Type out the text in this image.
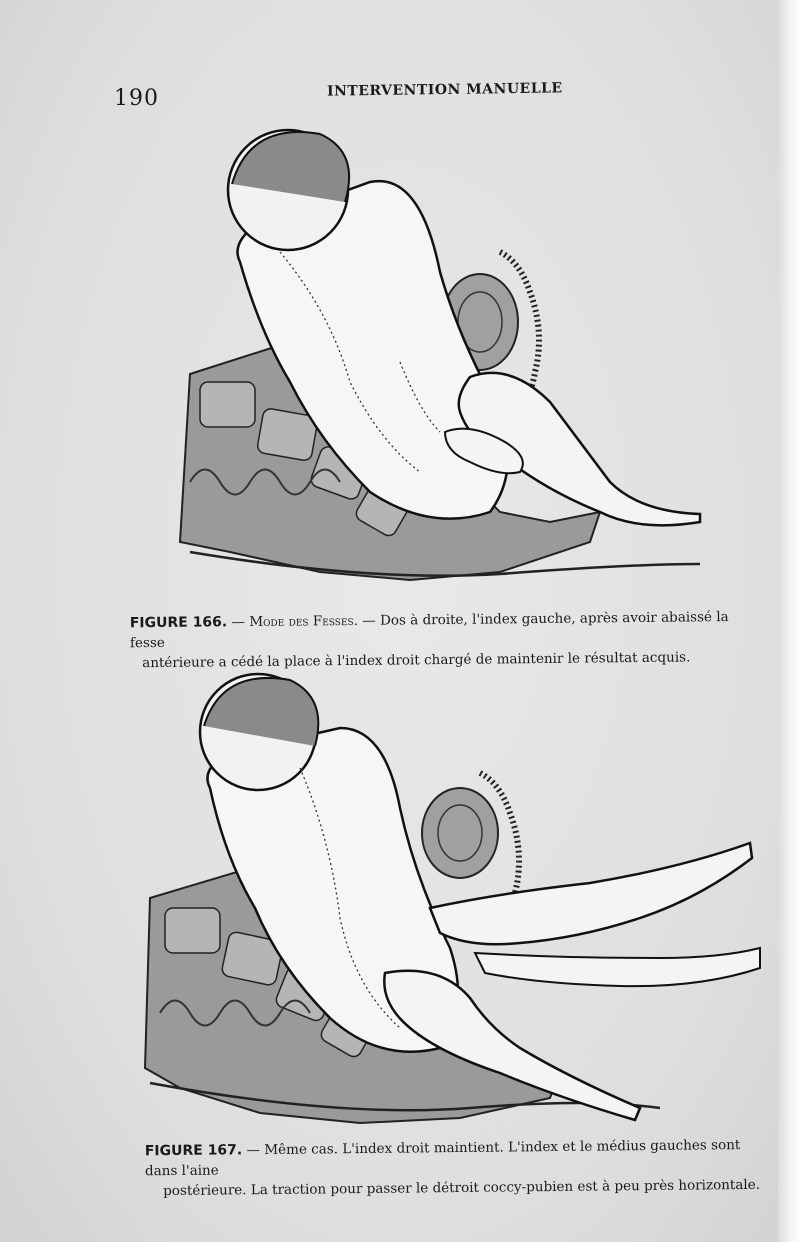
190	INTERVENTION MANUELLE
FIGURE 166. — Mode des Fesses. — Dos à droite, l'index gauche, après avoir abaissé la fesse
antérieure a cédé la place à l'index droit chargé de maintenir le résultat acquis.
FIGURE 167. — Même cas. L'index droit maintient. L'index et le médius gauches sont dans l'aine
postérieure. La traction pour passer le détroit coccy-pubien est à peu près horizontale.
